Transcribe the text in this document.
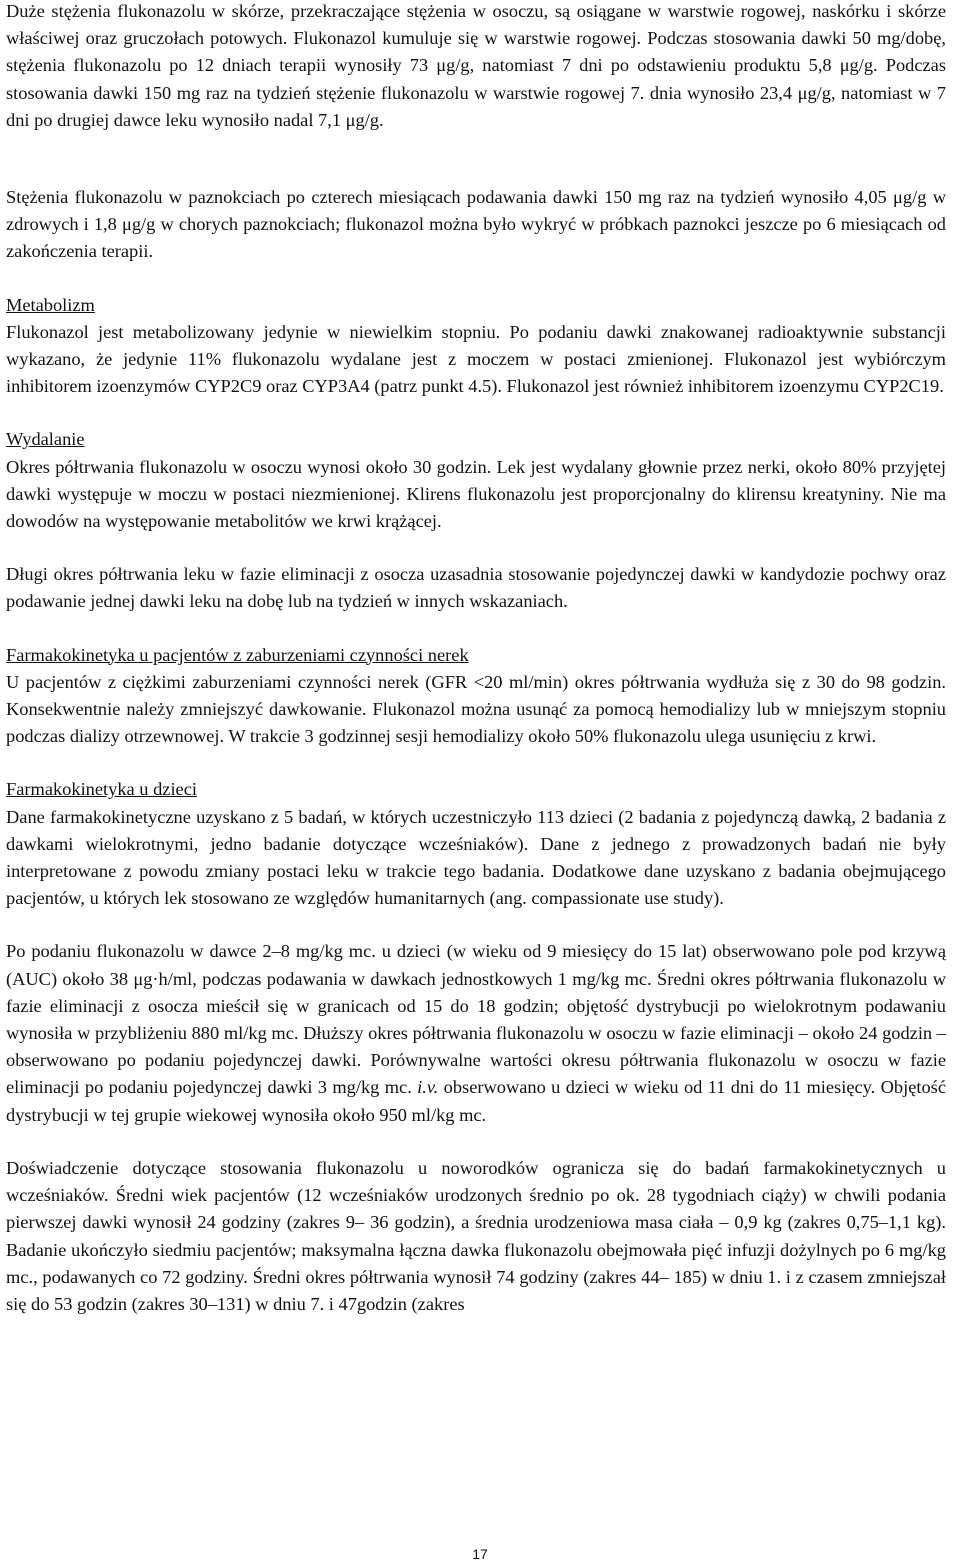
Duże stężenia flukonazolu w skórze, przekraczające stężenia w osoczu, są osiągane w warstwie rogowej, naskórku i skórze właściwej oraz gruczołach potowych. Flukonazol kumuluje się w warstwie rogowej. Podczas stosowania dawki 50 mg/dobę, stężenia flukonazolu po 12 dniach terapii wynosiły 73 μg/g, natomiast 7 dni po odstawieniu produktu 5,8 μg/g. Podczas stosowania dawki 150 mg raz na tydzień stężenie flukonazolu w warstwie rogowej 7. dnia wynosiło 23,4 μg/g, natomiast w 7 dni po drugiej dawce leku wynosiło nadal 7,1 μg/g.

Stężenia flukonazolu w paznokciach po czterech miesiącach podawania dawki 150 mg raz na tydzień wynosiło 4,05 μg/g w zdrowych i 1,8 μg/g w chorych paznokciach; flukonazol można było wykryć w próbkach paznokci jeszcze po 6 miesiącach od zakończenia terapii.

Metabolizm

Flukonazol jest metabolizowany jedynie w niewielkim stopniu. Po podaniu dawki znakowanej radioaktywnie substancji wykazano, że jedynie 11% flukonazolu wydalane jest z moczem w postaci zmienionej. Flukonazol jest wybiórczym inhibitorem izoenzymów CYP2C9 oraz CYP3A4 (patrz punkt 4.5). Flukonazol jest również inhibitorem izoenzymu CYP2C19.

Wydalanie

Okres półtrwania flukonazolu w osoczu wynosi około 30 godzin. Lek jest wydalany głownie przez nerki, około 80% przyjętej dawki występuje w moczu w postaci niezmienionej. Klirens flukonazolu jest proporcjonalny do klirensu kreatyniny. Nie ma dowodów na występowanie metabolitów we krwi krążącej.

Długi okres półtrwania leku w fazie eliminacji z osocza uzasadnia stosowanie pojedynczej dawki w kandydozie pochwy oraz podawanie jednej dawki leku na dobę lub na tydzień w innych wskazaniach.

Farmakokinetyka u pacjentów z zaburzeniami czynności nerek

U pacjentów z ciężkimi zaburzeniami czynności nerek (GFR <20 ml/min) okres półtrwania wydłuża się z 30 do 98 godzin. Konsekwentnie należy zmniejszyć dawkowanie. Flukonazol można usunąć za pomocą hemodializy lub w mniejszym stopniu podczas dializy otrzewnowej. W trakcie 3 godzinnej sesji hemodializy około 50% flukonazolu ulega usunięciu z krwi.

Farmakokinetyka u dzieci

Dane farmakokinetyczne uzyskano z 5 badań, w których uczestniczyło 113 dzieci (2 badania z pojedynczą dawką, 2 badania z dawkami wielokrotnymi, jedno badanie dotyczące wcześniaków). Dane z jednego z prowadzonych badań nie były interpretowane z powodu zmiany postaci leku w trakcie tego badania. Dodatkowe dane uzyskano z badania obejmującego pacjentów, u których lek stosowano ze względów humanitarnych (ang. compassionate use study).

Po podaniu flukonazolu w dawce 2–8 mg/kg mc. u dzieci (w wieku od 9 miesięcy do 15 lat) obserwowano pole pod krzywą (AUC) około 38 μg·h/ml, podczas podawania w dawkach jednostkowych 1 mg/kg mc. Średni okres półtrwania flukonazolu w fazie eliminacji z osocza mieścił się w granicach od 15 do 18 godzin; objętość dystrybucji po wielokrotnym podawaniu wynosiła w przybliżeniu 880 ml/kg mc. Dłuższy okres półtrwania flukonazolu w osoczu w fazie eliminacji – około 24 godzin – obserwowano po podaniu pojedynczej dawki. Porównywalne wartości okresu półtrwania flukonazolu w osoczu w fazie eliminacji po podaniu pojedynczej dawki 3 mg/kg mc. i.v. obserwowano u dzieci w wieku od 11 dni do 11 miesięcy. Objętość dystrybucji w tej grupie wiekowej wynosiła około 950 ml/kg mc.

Doświadczenie dotyczące stosowania flukonazolu u noworodków ogranicza się do badań farmakokinetycznych u wcześniaków. Średni wiek pacjentów (12 wcześniaków urodzonych średnio po ok. 28 tygodniach ciąży) w chwili podania pierwszej dawki wynosił 24 godziny (zakres 9– 36 godzin), a średnia urodzeniowa masa ciała – 0,9 kg (zakres 0,75–1,1 kg). Badanie ukończyło siedmiu pacjentów; maksymalna łączna dawka flukonazolu obejmowała pięć infuzji dożylnych po 6 mg/kg mc., podawanych co 72 godziny. Średni okres półtrwania wynosił 74 godziny (zakres 44– 185) w dniu 1. i z czasem zmniejszał się do 53 godzin (zakres 30–131) w dniu 7. i 47godzin (zakres

17
